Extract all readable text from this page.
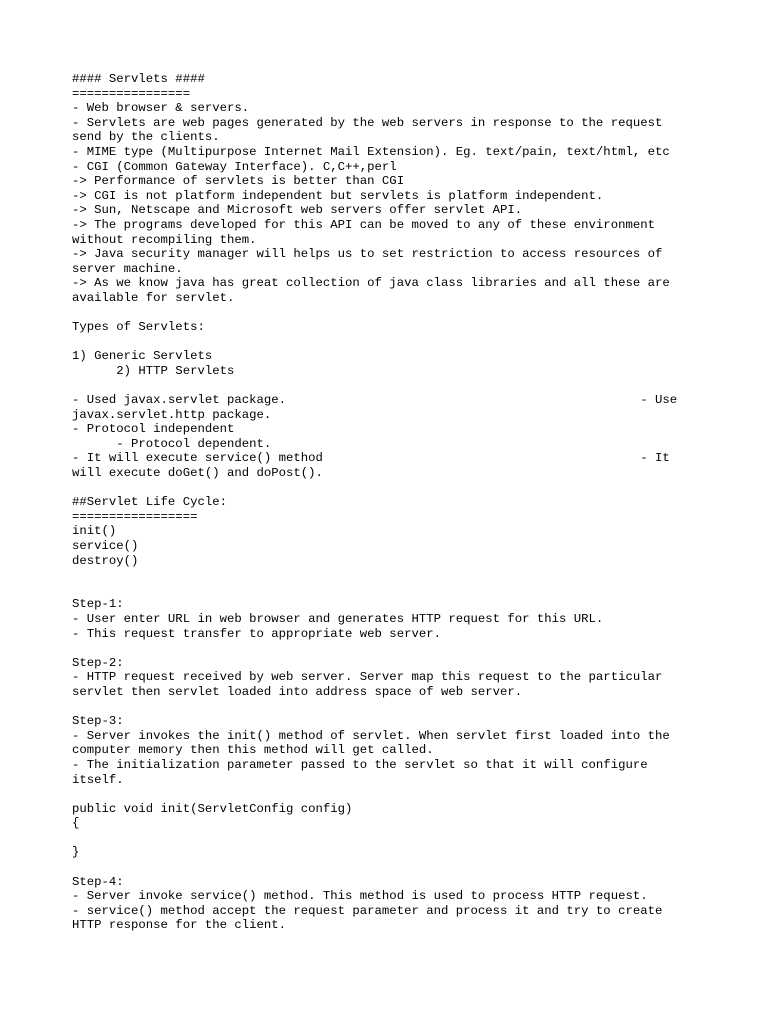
#### Servlets ####
================
- Web browser & servers.
- Servlets are web pages generated by the web servers in response to the request
send by the clients.
- MIME type (Multipurpose Internet Mail Extension). Eg. text/pain, text/html, etc
- CGI (Common Gateway Interface). C,C++,perl
-> Performance of servlets is better than CGI
-> CGI is not platform independent but servlets is platform independent.
-> Sun, Netscape and Microsoft web servers offer servlet API.
-> The programs developed for this API can be moved to any of these environment
without recompiling them.
-> Java security manager will helps us to set restriction to access resources of
server machine.
-> As we know java has great collection of java class libraries and all these are
available for servlet.
Types of Servlets:
1) Generic Servlets
2) HTTP Servlets
- Used javax.servlet package.                                                - Use
javax.servlet.http package.
- Protocol independent
- Protocol dependent.
- It will execute service() method                                           - It
will execute doGet() and doPost().
##Servlet Life Cycle:
=================
init()
service()
destroy()
Step-1:
- User enter URL in web browser and generates HTTP request for this URL.
- This request transfer to appropriate web server.
Step-2:
- HTTP request received by web server. Server map this request to the particular
servlet then servlet loaded into address space of web server.
Step-3:
- Server invokes the init() method of servlet. When servlet first loaded into the
computer memory then this method will get called.
- The initialization parameter passed to the servlet so that it will configure
itself.
public void init(ServletConfig config)
{
}
Step-4:
- Server invoke service() method. This method is used to process HTTP request.
- service() method accept the request parameter and process it and try to create
HTTP response for the client.
